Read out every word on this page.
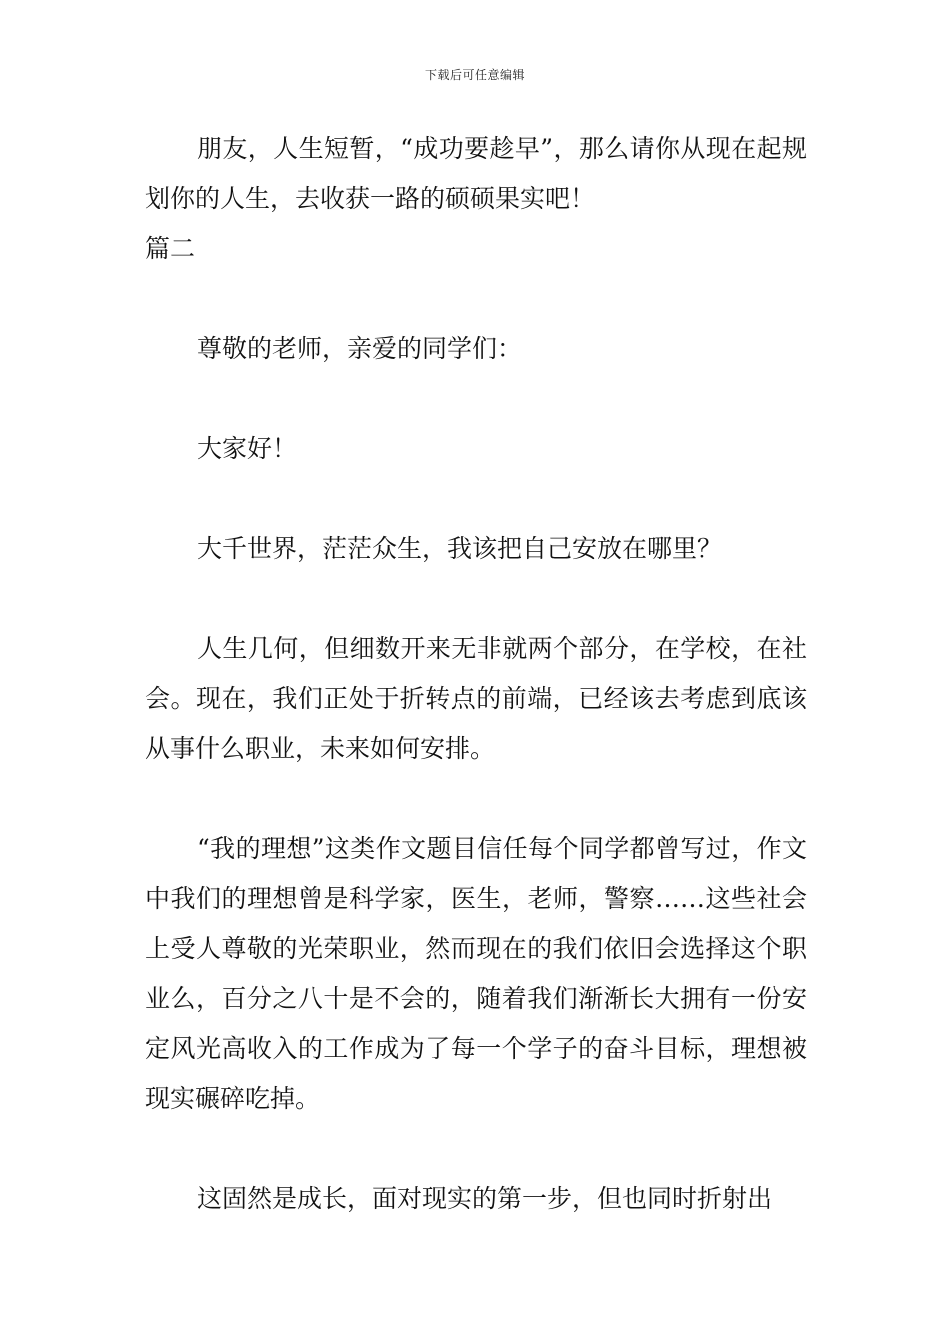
下载后可任意编辑

朋友，人生短暂，“成功要趁早”，那么请你从现在起规划你的人生，去收获一路的硕硕果实吧！

篇二

尊敬的老师，亲爱的同学们：

大家好！

大千世界，茫茫众生，我该把自己安放在哪里？

人生几何，但细数开来无非就两个部分，在学校，在社会。现在，我们正处于折转点的前端，已经该去考虑到底该从事什么职业，未来如何安排。

“我的理想”这类作文题目信任每个同学都曾写过，作文中我们的理想曾是科学家，医生，老师，警察……这些社会上受人尊敬的光荣职业，然而现在的我们依旧会选择这个职业么，百分之八十是不会的，随着我们渐渐长大拥有一份安定风光高收入的工作成为了每一个学子的奋斗目标，理想被现实碾碎吃掉。

这固然是成长，面对现实的第一步，但也同时折射出
